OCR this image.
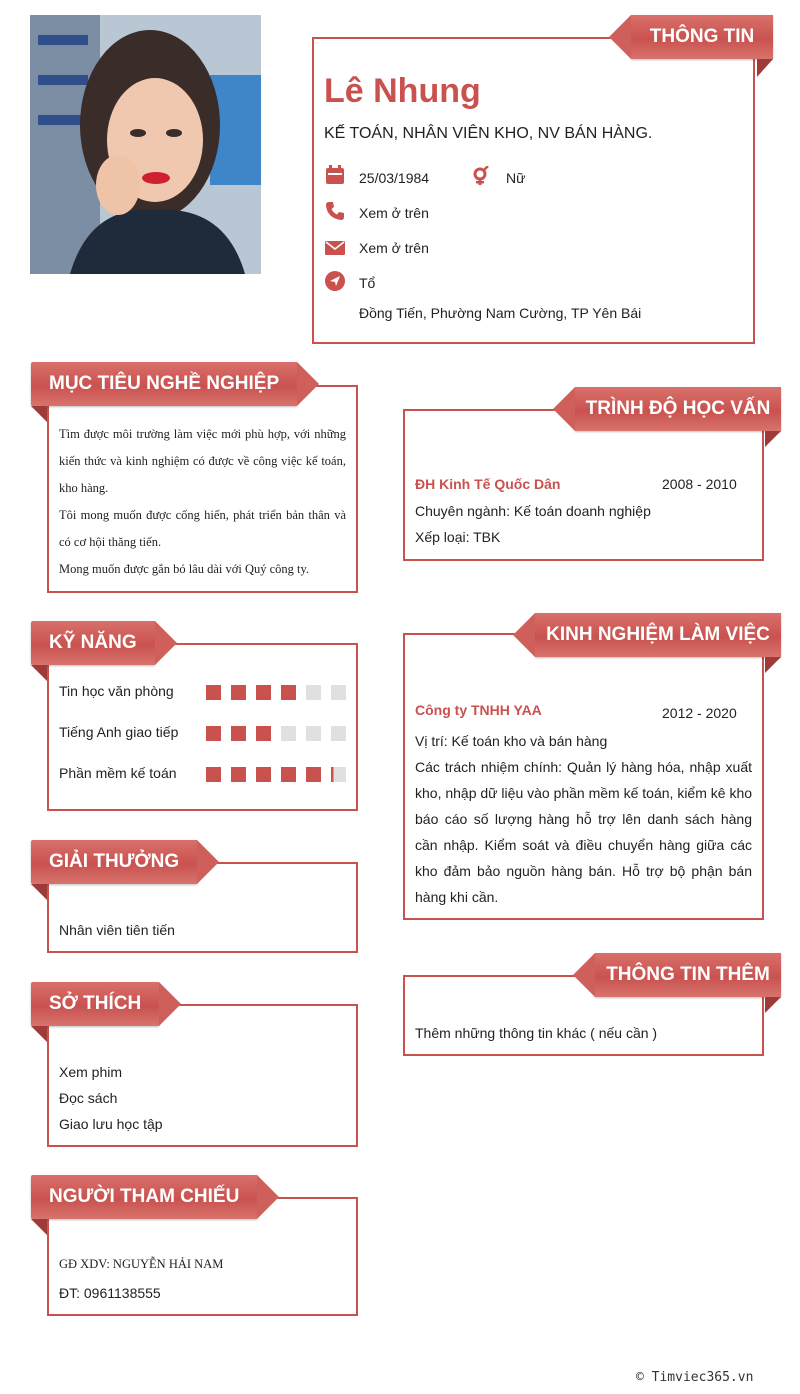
THÔNG TIN
Lê Nhung
KẾ TOÁN, NHÂN VIÊN KHO, NV BÁN HÀNG.
25/03/1984	Nữ
Xem ở trên
Xem ở trên
Tổ
Đồng Tiến, Phường Nam Cường, TP Yên Bái
Tìm được môi trường làm việc mới phù hợp, với những kiến thức và kinh nghiệm có được về công việc kế toán, kho hàng.
Tôi mong muốn được cống hiến, phát triển bản thân và có cơ hội thăng tiến.
Mong muốn được gắn bó lâu dài với Quý công ty.
MỤC TIÊU NGHỀ NGHIỆP
Tin học văn phòng
Tiếng Anh giao tiếp
Phần mềm kế toán
KỸ NĂNG
Nhân viên tiên tiến
GIẢI THƯỞNG
Xem phim
Đọc sách
Giao lưu học tập
SỞ THÍCH
GĐ XDV: NGUYỄN HẢI NAM
ĐT: 0961138555
NGƯỜI THAM CHIẾU
ĐH Kinh Tế Quốc Dân	2008 - 2010
Chuyên ngành: Kế toán doanh nghiệp
Xếp loại: TBK
TRÌNH ĐỘ HỌC VẤN
Công ty TNHH YAA	2012 - 2020
Vị trí: Kế toán kho và bán hàng
Các trách nhiệm chính: Quản lý hàng hóa, nhập xuất kho, nhập dữ liệu vào phần mềm kế toán, kiểm kê kho báo cáo số lượng hàng hỗ trợ lên danh sách hàng cần nhập. Kiểm soát và điều chuyển hàng giữa các kho đảm bảo nguồn hàng bán. Hỗ trợ bộ phận bán hàng khi cần.
KINH NGHIỆM LÀM VIỆC
Thêm những thông tin khác ( nếu cần )
THÔNG TIN THÊM
© Timviec365.vn
